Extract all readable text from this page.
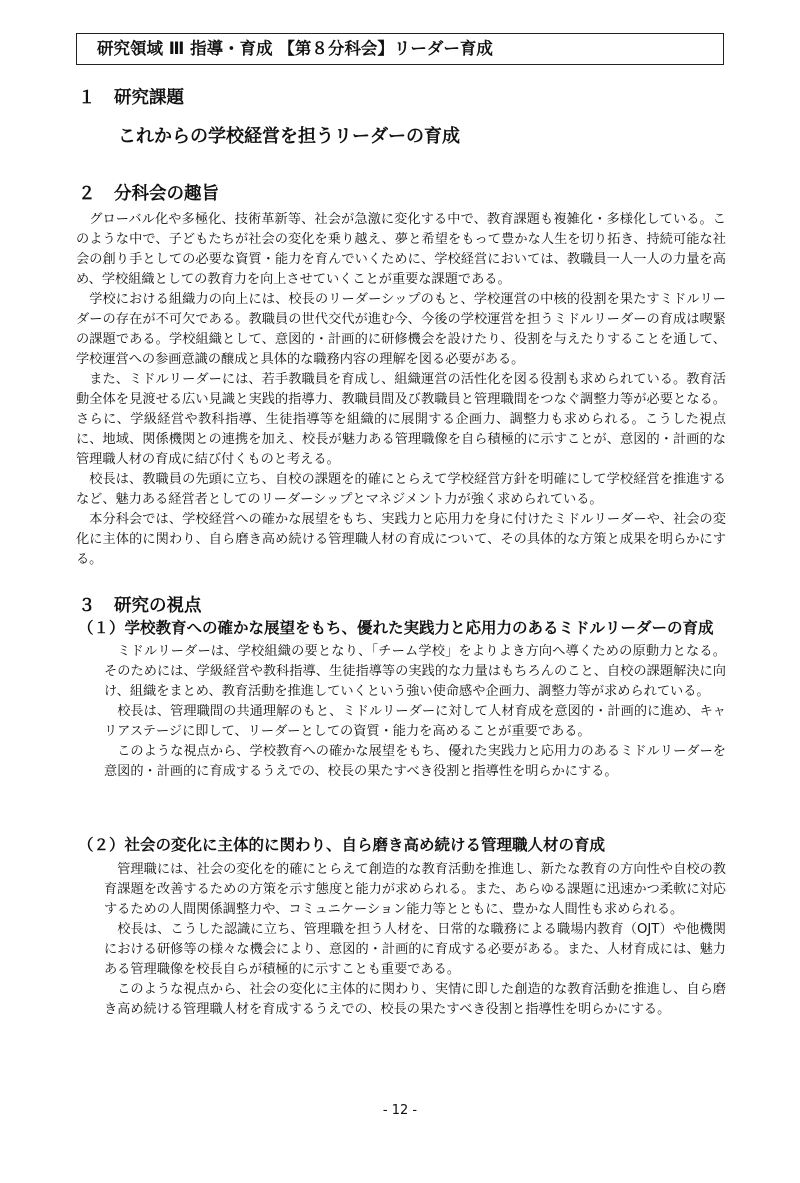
研究領域 Ⅲ 指導・育成 【第８分科会】リーダー育成
１ 研究課題
これからの学校経営を担うリーダーの育成
２ 分科会の趣旨

グローバル化や多極化、技術革新等、社会が急激に変化する中で、教育課題も複雑化・多様化している。このような中で、子どもたちが社会の変化を乗り越え、夢と希望をもって豊かな人生を切り拓き、持続可能な社会の創り手としての必要な資質・能力を育んでいくために、学校経営においては、教職員一人一人の力量を高め、学校組織としての教育力を向上させていくことが重要な課題である。

学校における組織力の向上には、校長のリーダーシップのもと、学校運営の中核的役割を果たすミドルリーダーの存在が不可欠である。教職員の世代交代が進む今、今後の学校運営を担うミドルリーダーの育成は喫緊の課題である。学校組織として、意図的・計画的に研修機会を設けたり、役割を与えたりすることを通して、学校運営への参画意識の醸成と具体的な職務内容の理解を図る必要がある。

また、ミドルリーダーには、若手教職員を育成し、組織運営の活性化を図る役割も求められている。教育活動全体を見渡せる広い見識と実践的指導力、教職員間及び教職員と管理職間をつなぐ調整力等が必要となる。さらに、学級経営や教科指導、生徒指導等を組織的に展開する企画力、調整力も求められる。こうした視点に、地域、関係機関との連携を加え、校長が魅力ある管理職像を自ら積極的に示すことが、意図的・計画的な管理職人材の育成に結び付くものと考える。

校長は、教職員の先頭に立ち、自校の課題を的確にとらえて学校経営方針を明確にして学校経営を推進するなど、魅力ある経営者としてのリーダーシップとマネジメント力が強く求められている。

本分科会では、学校経営への確かな展望をもち、実践力と応用力を身に付けたミドルリーダーや、社会の変化に主体的に関わり、自ら磨き高め続ける管理職人材の育成について、その具体的な方策と成果を明らかにする。

３ 研究の視点
（１）学校教育への確かな展望をもち、優れた実践力と応用力のあるミドルリーダーの育成

ミドルリーダーは、学校組織の要となり、「チーム学校」をよりよき方向へ導くための原動力となる。そのためには、学級経営や教科指導、生徒指導等の実践的な力量はもちろんのこと、自校の課題解決に向け、組織をまとめ、教育活動を推進していくという強い使命感や企画力、調整力等が求められている。

校長は、管理職間の共通理解のもと、ミドルリーダーに対して人材育成を意図的・計画的に進め、キャリアステージに即して、リーダーとしての資質・能力を高めることが重要である。

このような視点から、学校教育への確かな展望をもち、優れた実践力と応用力のあるミドルリーダーを意図的・計画的に育成するうえでの、校長の果たすべき役割と指導性を明らかにする。

（２）社会の変化に主体的に関わり、自ら磨き高め続ける管理職人材の育成

管理職には、社会の変化を的確にとらえて創造的な教育活動を推進し、新たな教育の方向性や自校の教育課題を改善するための方策を示す態度と能力が求められる。また、あらゆる課題に迅速かつ柔軟に対応するための人間関係調整力や、コミュニケーション能力等とともに、豊かな人間性も求められる。

校長は、こうした認識に立ち、管理職を担う人材を、日常的な職務による職場内教育（OJT）や他機関における研修等の様々な機会により、意図的・計画的に育成する必要がある。また、人材育成には、魅力ある管理職像を校長自らが積極的に示すことも重要である。

このような視点から、社会の変化に主体的に関わり、実情に即した創造的な教育活動を推進し、自ら磨き高め続ける管理職人材を育成するうえでの、校長の果たすべき役割と指導性を明らかにする。

- 12 -
